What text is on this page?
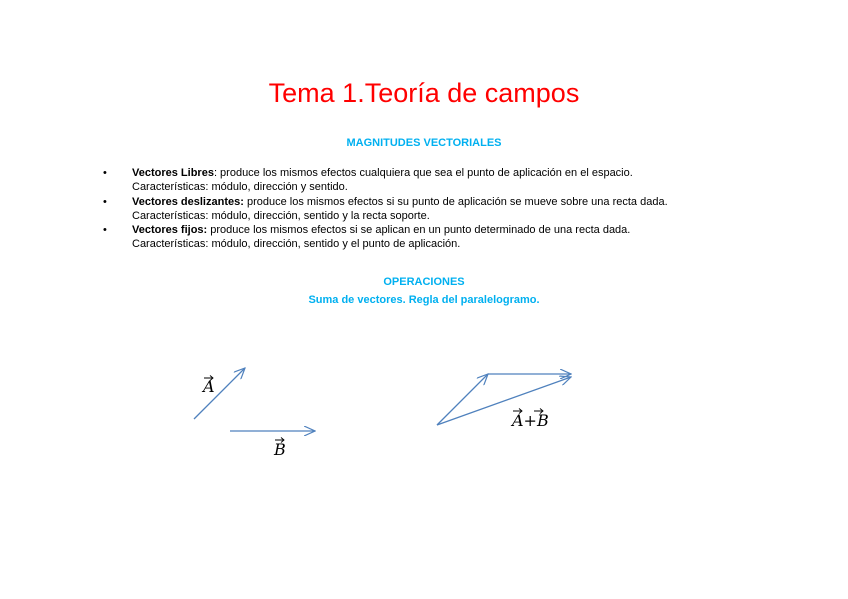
Tema 1.Teoría de campos
MAGNITUDES VECTORIALES
• Vectores Libres: produce los mismos efectos cualquiera que sea el punto de aplicación en el espacio.
Características: módulo, dirección y sentido.
• Vectores deslizantes: produce los mismos efectos si su punto de aplicación se mueve sobre una recta dada.
Características: módulo, dirección, sentido y la recta soporte.
• Vectores fijos: produce los mismos efectos si se aplican en un punto determinado de una recta dada.
Características: módulo, dirección, sentido y el punto de aplicación.
OPERACIONES
Suma de vectores. Regla del paralelogramo.
A
B
A+B
